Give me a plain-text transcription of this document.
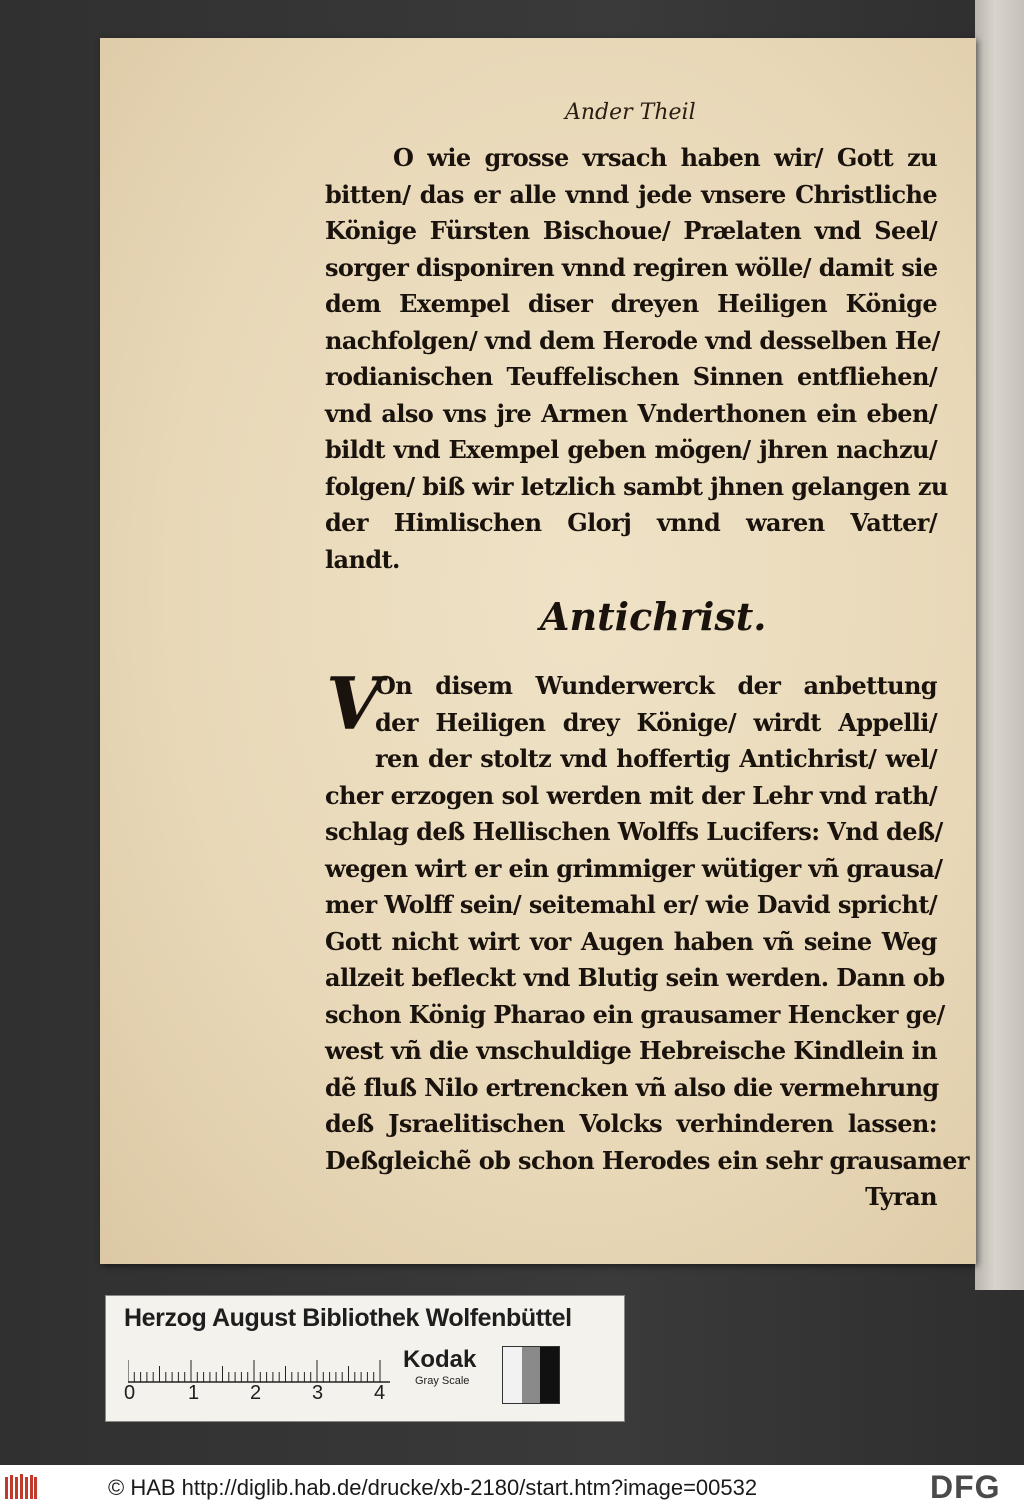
Ander Theil
O wie grosse vrsach haben wir/ Gott zu
bitten/ das er alle vnnd jede vnsere Christliche
Könige Fürsten Bischoue/ Prælaten vnd Seel/
sorger disponiren vnnd regiren wölle/ damit sie
dem Exempel diser dreyen Heiligen Könige
nachfolgen/ vnd dem Herode vnd desselben He/
rodianischen Teuffelischen Sinnen entfliehen/
vnd also vns jre Armen Vnderthonen ein eben/
bildt vnd Exempel geben mögen/ jhren nachzu/
folgen/ biß wir letzlich sambt jhnen gelangen zu
der Himlischen Glorj vnnd waren Vatter/
landt.
Antichrist.
V
On disem Wunderwerck der anbettung
der Heiligen drey Könige/ wirdt Appelli/
ren der stoltz vnd hoffertig Antichrist/ wel/
cher erzogen sol werden mit der Lehr vnd rath/
schlag deß Hellischen Wolffs Lucifers: Vnd deß/
wegen wirt er ein grimmiger wütiger vñ grausa/
mer Wolff sein/ seitemahl er/ wie David spricht/
Gott nicht wirt vor Augen haben vñ seine Weg
allzeit befleckt vnd Blutig sein werden. Dann ob
schon König Pharao ein grausamer Hencker ge/
west vñ die vnschuldige Hebreische Kindlein in
dẽ fluß Nilo ertrencken vñ also die vermehrung
deß Jsraelitischen Volcks verhinderen lassen:
Deßgleichẽ ob schon Herodes ein sehr grausamer
Tyran
Herzog August Bibliothek Wolfenbüttel
0	1	2	3	4
Kodak
Gray Scale
© HAB http://diglib.hab.de/drucke/xb-2180/start.htm?image=00532	DFG
